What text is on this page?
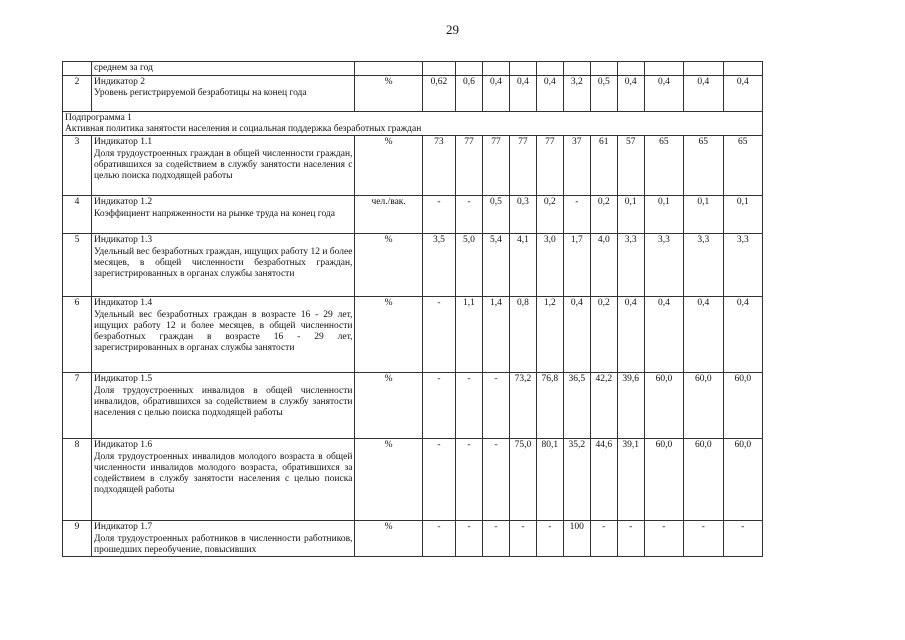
29

	среднем за год												

2	Индикатор 2
Уровень регистрируемой безработицы на конец года	%	0,62	0,6	0,4	0,4	0,4	3,2	0,5	0,4	0,4	0,4	0,4

Подпрограмма 1
Активная политика занятости населения и социальная поддержка безработных граждан													

3	Индикатор 1.1
Доля трудоустроенных граждан в общей численности граждан, обратившихся за содействием в службу занятости населения с целью поиска подходящей работы	%	73	77	77	77	77	37	61	57	65	65	65
4	Индикатор 1.2
Коэффициент напряженности на рынке труда на конец года	чел./вак.	-	-	0,5	0,3	0,2	-	0,2	0,1	0,1	0,1	0,1
5	Индикатор 1.3
Удельный вес безработных граждан, ищущих работу 12 и более месяцев, в общей численности безработных граждан, зарегистрированных в органах службы занятости	%	3,5	5,0	5,4	4,1	3,0	1,7	4,0	3,3	3,3	3,3	3,3
6	Индикатор 1.4
Удельный вес безработных граждан в возрасте 16 - 29 лет, ищущих работу 12 и более месяцев, в общей численности безработных граждан в возрасте 16 - 29 лет, зарегистрированных в органах службы занятости	%	-	1,1	1,4	0,8	1,2	0,4	0,2	0,4	0,4	0,4	0,4
7	Индикатор 1.5
Доля трудоустроенных инвалидов в общей численности инвалидов, обратившихся за содействием в службу занятости населения с целью поиска подходящей работы	%	-	-	-	73,2	76,8	36,5	42,2	39,6	60,0	60,0	60,0
8	Индикатор 1.6
Доля трудоустроенных инвалидов молодого возраста в общей численности инвалидов молодого возраста, обратившихся за содействием в службу занятости населения с целью поиска подходящей работы	%	-	-	-	75,0	80,1	35,2	44,6	39,1	60,0	60,0	60,0
9	Индикатор 1.7
Доля трудоустроенных работников в численности работников, прошедших переобучение, повысивших	%	-	-	-	-	-	100	-	-	-	-	-
